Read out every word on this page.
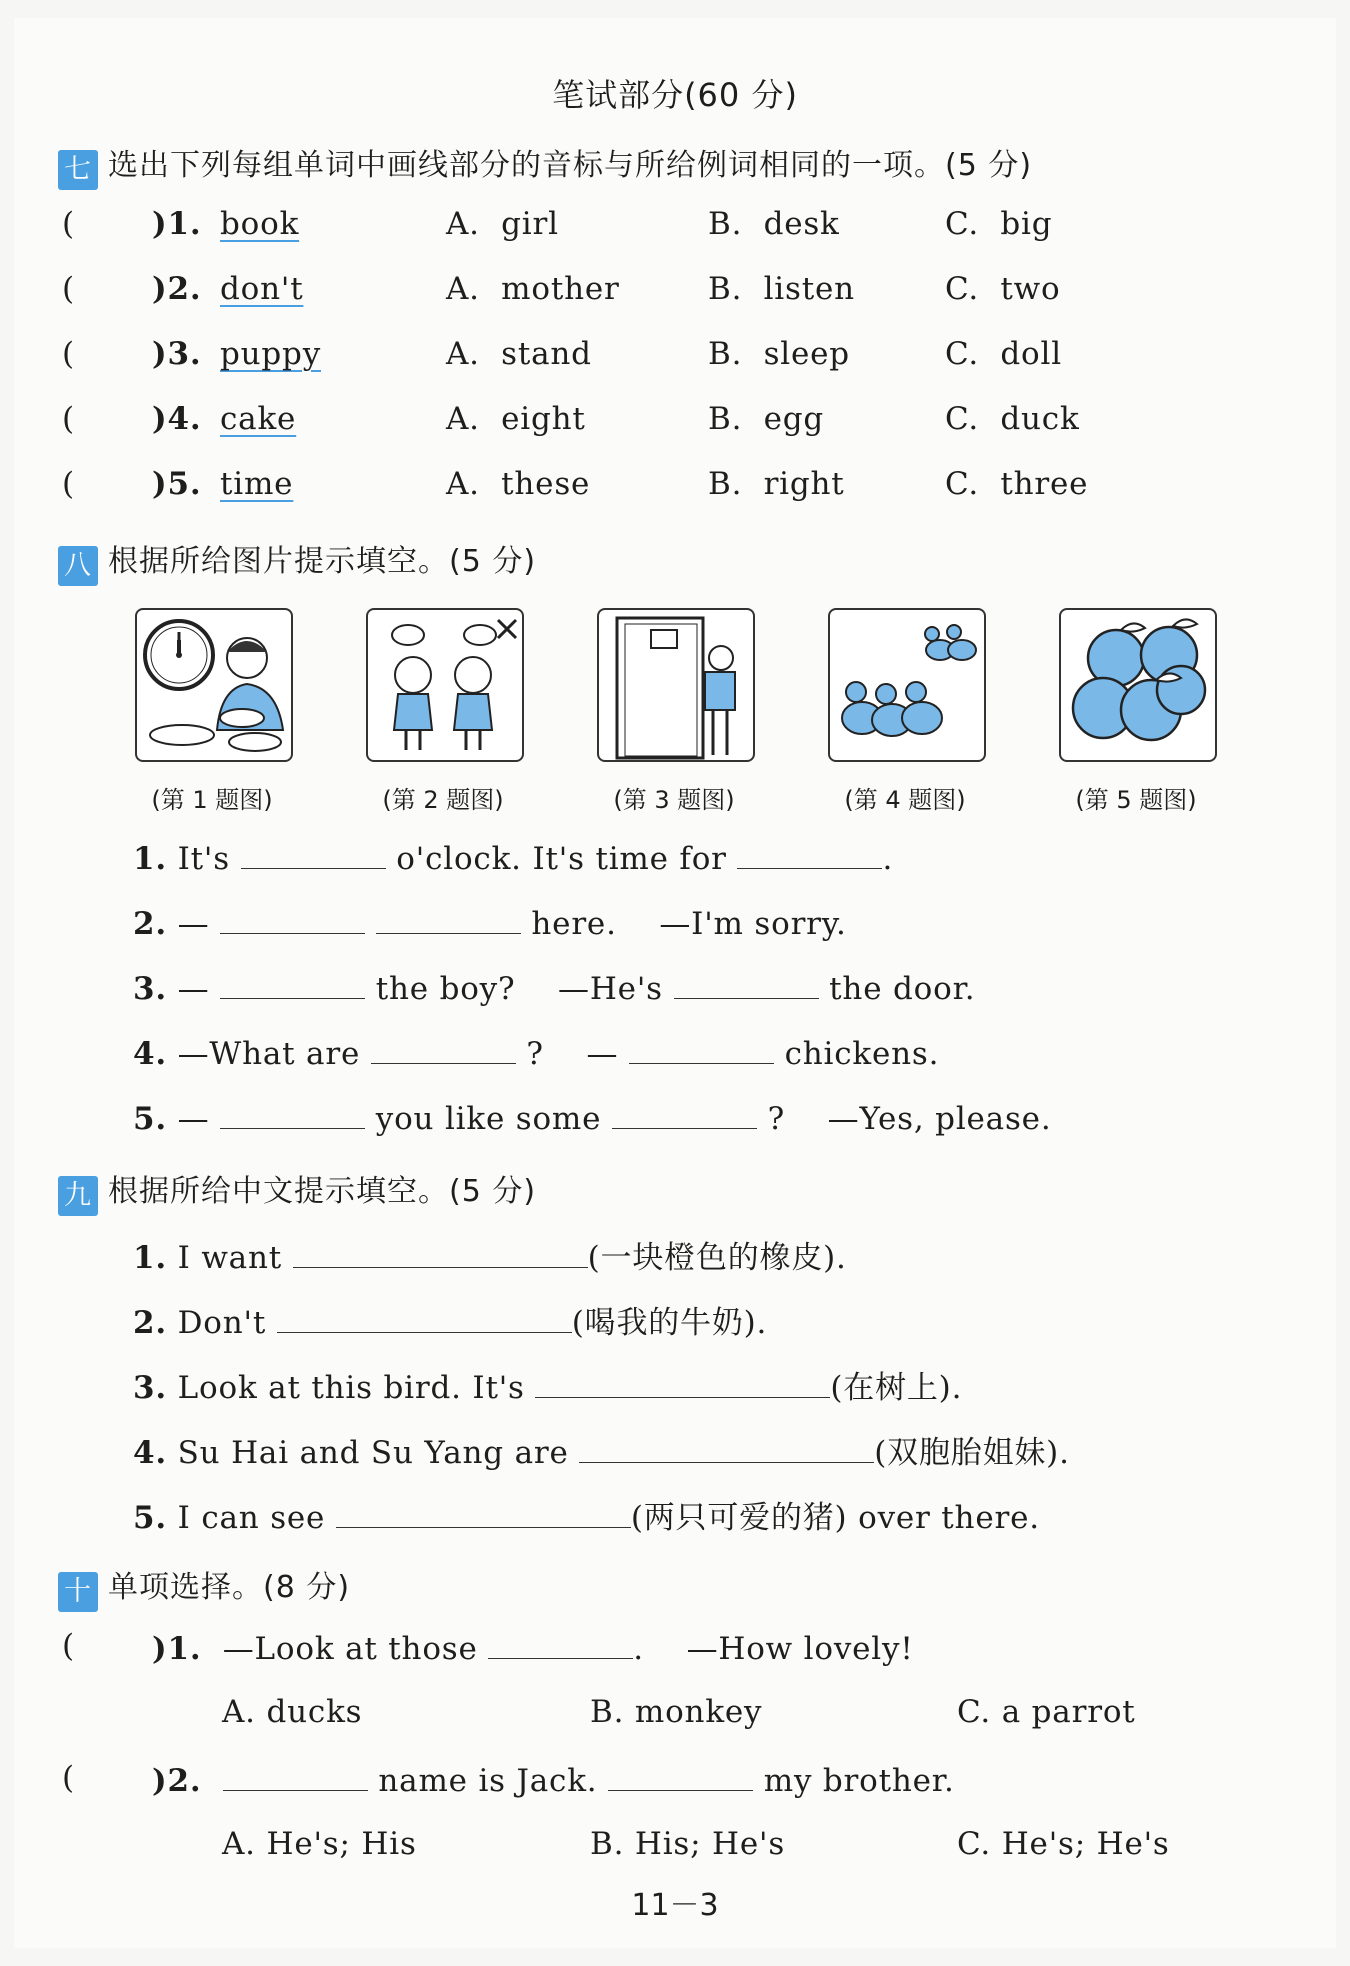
笔试部分(60 分)
七 选出下列每组单词中画线部分的音标与所给例词相同的一项。(5 分)
( )1. book	A. girl	B. desk	C. big
( )2. don't	A. mother	B. listen	C. two
( )3. puppy	A. stand	B. sleep	C. doll
( )4. cake	A. eight	B. egg	C. duck
( )5. time	A. these	B. right	C. three
八 根据所给图片提示填空。(5 分)
(第 1 题图)	(第 2 题图)	(第 3 题图)	(第 4 题图)	(第 5 题图)
1. It's	o'clock. It's time for	.
2. —	here. —I'm sorry.
3. —	the boy? —He's	the door.
4. —What are	? —	chickens.
5. —	you like some	? —Yes, please.
九 根据所给中文提示填空。(5 分)
1. I want	(一块橙色的橡皮).
2. Don't	(喝我的牛奶).
3. Look at this bird. It's	(在树上).
4. Su Hai and Su Yang are	(双胞胎姐妹).
5. I can see	(两只可爱的猪) over there.
十 单项选择。(8 分)
( )1. —Look at those	. —How lovely!
A. ducks	B. monkey	C. a parrot
( )2.	name is Jack.	my brother.
A. He's; His	B. His; He's	C. He's; He's
11－3
